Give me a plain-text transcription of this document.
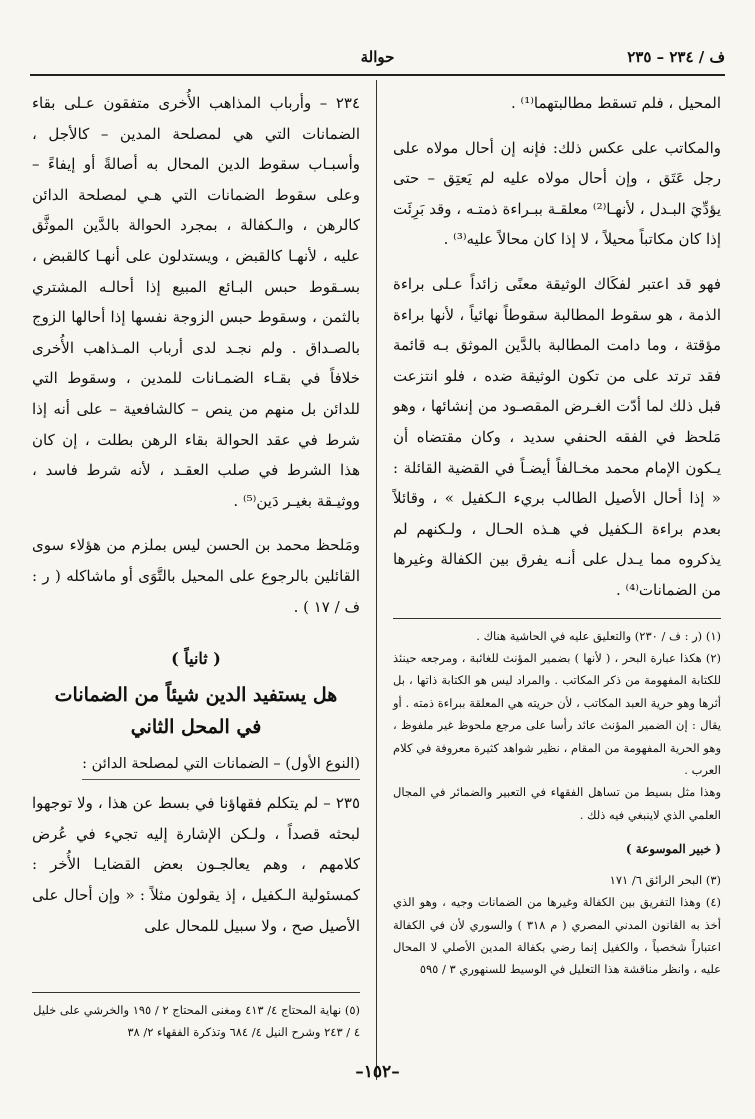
ف / ٢٣٤ – ٢٣٥
حوالة

المحيل ، فلم تسقط مطالبتهما⁽¹⁾ .

والمكاتب على عكس ذلك: فإنه إن أحال مولاه على رجل عَتَق ، وإن أحال مولاه عليه لم يَعتِق – حتى يؤدِّيَ البـدل ، لأنهـا⁽²⁾ معلقـة ببـراءة ذمتـه ، وقد بَرِئَت إذا كان مكاتباً محيلاً ، لا إذا كان محالاً عليه⁽³⁾ .

فهو قد اعتبر لفكَاك الوثيقة معنًى زائداً عـلى براءة الذمة ، هو سقوط المطالبة سقوطاً نهائياً ، لأنها براءة مؤقتة ، وما دامت المطالبة بالدَّين الموثق بـه قائمة فقد ترتد على من تكون الوثيقة ضده ، فلو انتزعت قبل ذلك لما أدّت الغـرض المقصـود من إنشائها ، وهو مَلحظ في الفقه الحنفي سديد ، وكان مقتضاه أن يـكون الإمام محمد مخـالفاً أيضـاً في القضية القائلة : « إذا أحال الأصيل الطالب بريء الـكفيل » ، وقائلاً بعدم براءة الـكفيل في هـذه الحـال ، ولـكنهم لم يذكروه مما يـدل على أنـه يفرق بين الكفالة وغيرها من الضمانات⁽⁴⁾ .

(١) (ر : ف / ٢٣٠) والتعليق عليه في الحاشية هناك .

(٢) هكذا عبارة البحر ، ( لأنها ) بضمير المؤنث للغائبة ، ومرجعه حينئذ للكتابة المفهومة من ذكر المكاتب . والمراد ليس هو الكتابة ذاتها ، بل أثرها وهو حرية العبد المكاتب ، لأن حريته هي المعلقة ببراءة ذمته . أو يقال : إن الضمير المؤنث عائد رأسا على مرجع ملحوظ غير ملفوظ ، وهو الحرية المفهومة من المقام ، نظير شواهد كثيرة معروفة في كلام العرب .

وهذا مثل بسيط من تساهل الفقهاء في التعبير والضمائر في المجال العلمي الذي لاينبغي فيه ذلك .

( خبير الموسوعة )

(٣) البحر الرائق ٦/ ١٧١

(٤) وهذا التفريق بين الكفالة وغيرها من الضمانات وجيه ، وهو الذي أخذ به القانون المدني المصري ( م ٣١٨ ) والسوري لأن في الكفالة اعتباراً شخصياً ، والكفيل إنما رضي بكفالة المدين الأصلي لا المحال عليه ، وانظر مناقشة هذا التعليل في الوسيط للسنهوري ٣ / ٥٩٥

٢٣٤ – وأرباب المذاهب الأُخرى متفقون عـلى بقاء الضمانات التي هي لمصلحة المدين – كالأجل ، وأسبـاب سقوط الدين المحال به أصالةً أو إيفاءً – وعلى سقوط الضمانات التي هـي لمصلحة الدائن كالرهن ، والـكفالة ، بمجرد الحوالة بالدَّين الموثَّق عليه ، لأنهـا كالقبض ، ويستدلون على أنهـا كالقبض ، بسـقوط حبس البـائع المبيع إذا أحالـه المشتري بالثمن ، وسقوط حبس الزوجة نفسها إذا أحالها الزوج بالصـداق . ولم نجـد لدى أرباب المـذاهب الأُخرى خلافاً في بقـاء الضمـانات للمدين ، وسقوط التي للدائن بل منهم من ينص – كالشافعية – على أنه إذا شرط في عقد الحوالة بقاء الرهن بطلت ، إن كان هذا الشرط في صلب العقـد ، لأنه شرط فاسد ، ووثيـقة بغيـر دَين⁽⁵⁾ .

ومَلحظ محمد بن الحسن ليس بملزم من هؤلاء سوى القائلين بالرجوع على المحيل بالتَّوَى أو ماشاكله ( ر : ف / ١٧ ) .

( ثانياً )

هل يستفيد الدين شيئاً من الضمانات

في المحل الثاني

(النوع الأول) – الضمانات التي لمصلحة الدائن :

٢٣٥ – لم يتكلم فقهاؤنا في بسط عن هذا ، ولا توجهوا لبحثه قصداً ، ولـكن الإشارة إليه تجيء في عُرض كلامهم ، وهم يعالجـون بعض القضايـا الأُخر : كمسئولية الـكفيل ، إذ يقولون مثلاً : « وإن أحال على الأصيل صح ، ولا سبيل للمحال على

(٥) نهاية المحتاج ٤/ ٤١٣ ومغنى المحتاج ٢ / ١٩٥ والخرشي على خليل ٤ / ٢٤٣ وشرح النيل ٤/ ٦٨٤ وتذكرة الفقهاء ٢/ ٣٨

–١٥٢–
